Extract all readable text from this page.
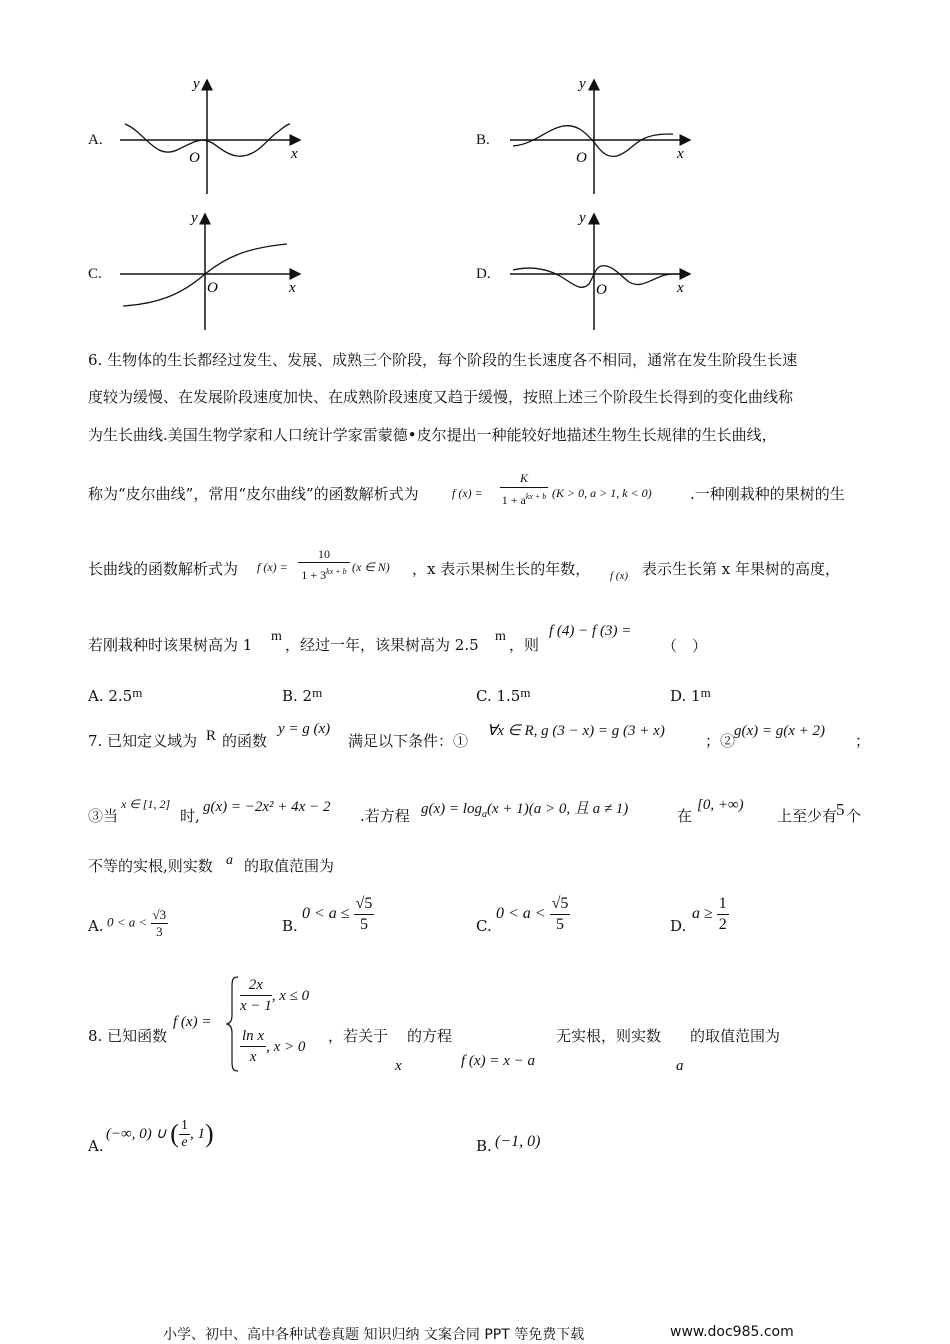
A.
y
x
O
B.
y
x
O
C.
y
x
O
D.
y
x
O
6. 生物体的生长都经过发生、发展、成熟三个阶段，每个阶段的生长速度各不相同，通常在发生阶段生长速
度较为缓慢、在发展阶段速度加快、在成熟阶段速度又趋于缓慢，按照上述三个阶段生长得到的变化曲线称
为生长曲线.美国生物学家和人口统计学家雷蒙德•皮尔提出一种能较好地描述生物生长规律的生长曲线，
称为“皮尔曲线”，常用“皮尔曲线”的函数解析式为	f (x) =
K
$1 + a^{kx + b}$ (K > 0, a > 1, k < 0)	.一种刚栽种的果树的生
长曲线的函数解析式为 f (x) =
10
$1 + 3^{kx + b}$ (x ∈ N) ，x 表示果树生长的年数， f (x) 表示生长第 x 年果树的高度，
若刚栽种时该果树高为 1 m ，经过一年，该果树高为 2.5 m ，则
f (4) − f (3) =
（　）
A. 2.5m	B. 2m	C. 1.5m	D. 1m
7. 已知定义域为 R 的函数
y = g (x)
满足以下条件：①
∀x ∈ R, g (3 − x) = g (3 + x)
；②
g(x) = g(x + 2)
；
③当
x ∈ [1, 2]
时, g(x) = −2x² + 4x − 2 .若方程 $g(x) = \log_a(x + 1)(a > 0$, 且 a ≠ 1)	在
[0, +∞)
上至少有
5 个
不等的实根,则实数 a 的取值范围为
A. $0 < a < \frac{√3}{3}$	B.
$0 < a \le \frac{√5}{5}$	C.
$0 < a < \frac{√5}{5}$	D.
$a \ge \frac{1}{2}$
8. 已知函数
f (x) =
$\frac{2x}{x - 1}$ , x ≤ 0
$\frac{\text{ln x}}{x}$ , x > 0
，若关于 的方程	无实根，则实数 的取值范围为
x	f (x) = x − a	a
A.
(−∞, 0) ∪ ( $\frac{1}{e}$ , 1)	B. (−1, 0)
小学、初中、高中各种试卷真题 知识归纳 文案合同 PPT 等免费下载	www.doc985.com
